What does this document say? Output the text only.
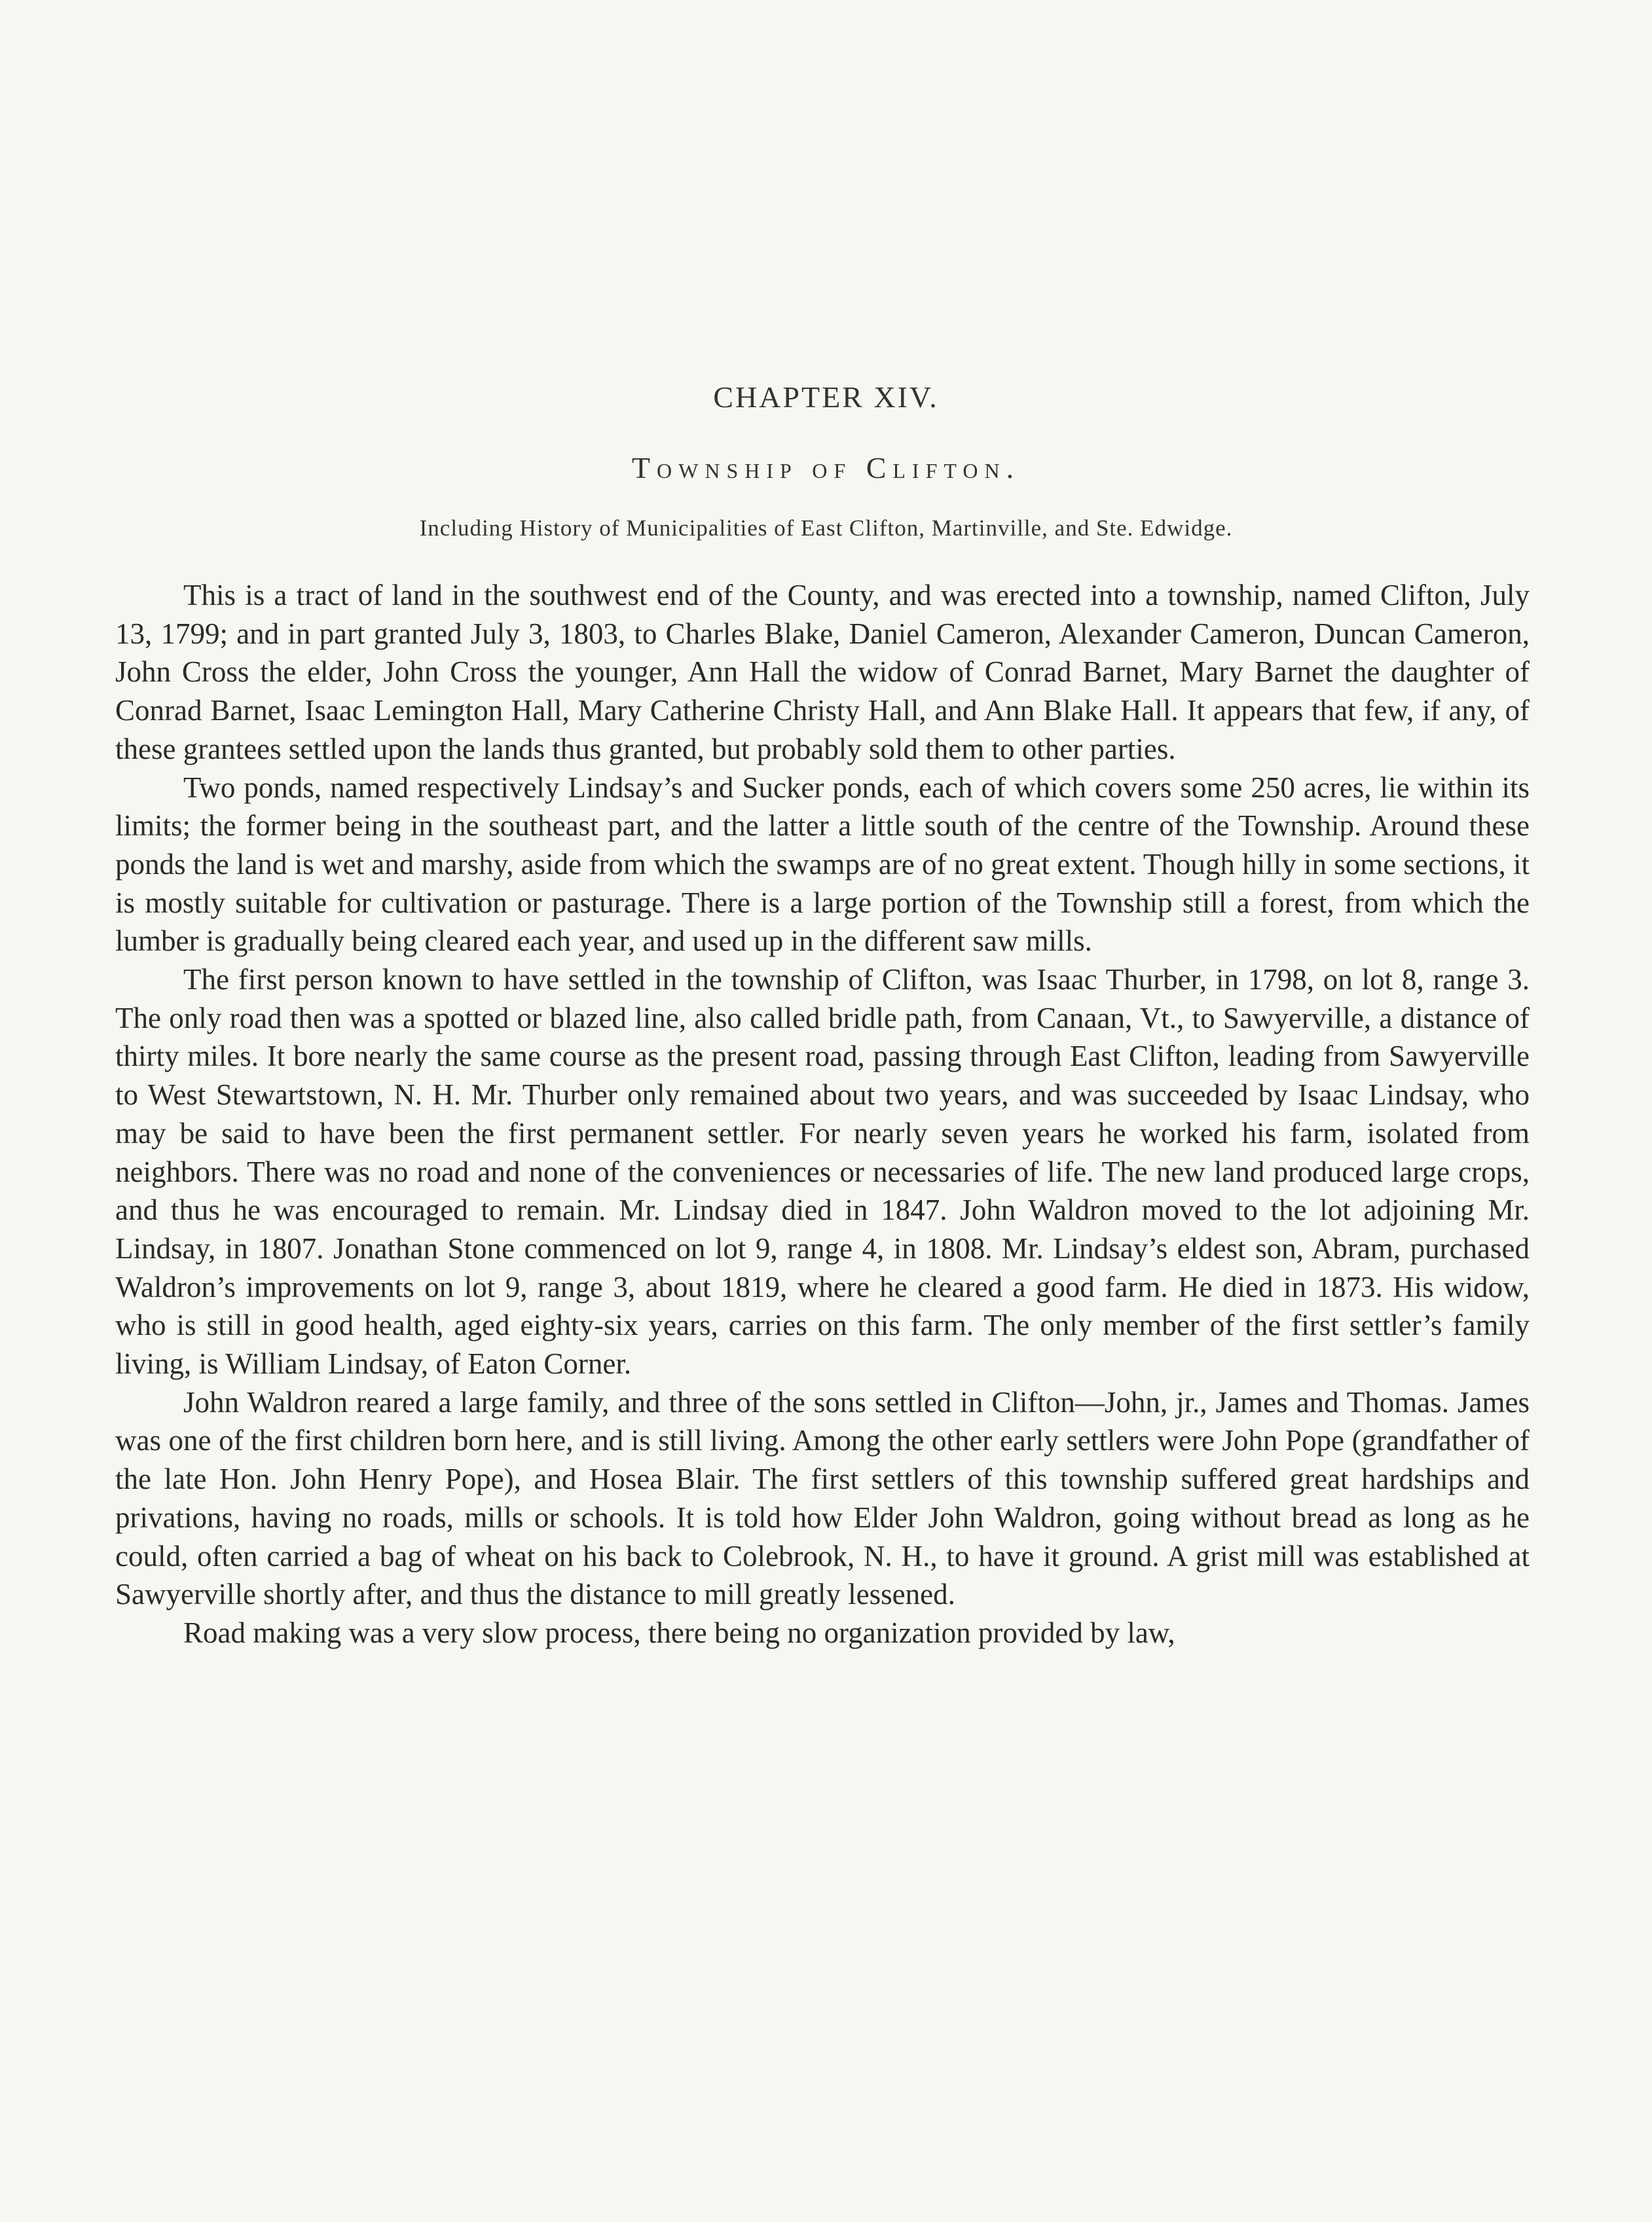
CHAPTER XIV.
Township of Clifton.
Including History of Municipalities of East Clifton, Martinville, and Ste. Edwidge.

This is a tract of land in the southwest end of the County, and was erected into a township, named Clifton, July 13, 1799; and in part granted July 3, 1803, to Charles Blake, Daniel Cameron, Alexander Cameron, Duncan Cameron, John Cross the elder, John Cross the younger, Ann Hall the widow of Conrad Barnet, Mary Barnet the daughter of Conrad Barnet, Isaac Lemington Hall, Mary Catherine Christy Hall, and Ann Blake Hall. It appears that few, if any, of these grantees settled upon the lands thus granted, but probably sold them to other parties.

Two ponds, named respectively Lindsay’s and Sucker ponds, each of which covers some 250 acres, lie within its limits; the former being in the southeast part, and the latter a little south of the centre of the Township. Around these ponds the land is wet and marshy, aside from which the swamps are of no great extent. Though hilly in some sections, it is mostly suitable for cultivation or pasturage. There is a large portion of the Township still a forest, from which the lumber is gradually being cleared each year, and used up in the different saw mills.

The first person known to have settled in the township of Clifton, was Isaac Thurber, in 1798, on lot 8, range 3. The only road then was a spotted or blazed line, also called bridle path, from Canaan, Vt., to Sawyerville, a distance of thirty miles. It bore nearly the same course as the present road, passing through East Clifton, leading from Sawyerville to West Stewartstown, N. H. Mr. Thurber only remained about two years, and was succeeded by Isaac Lindsay, who may be said to have been the first permanent settler. For nearly seven years he worked his farm, isolated from neighbors. There was no road and none of the conveniences or necessaries of life. The new land produced large crops, and thus he was encouraged to remain. Mr. Lindsay died in 1847. John Waldron moved to the lot adjoining Mr. Lindsay, in 1807. Jonathan Stone commenced on lot 9, range 4, in 1808. Mr. Lindsay’s eldest son, Abram, purchased Waldron’s improvements on lot 9, range 3, about 1819, where he cleared a good farm. He died in 1873. His widow, who is still in good health, aged eighty-six years, carries on this farm. The only member of the first settler’s family living, is William Lindsay, of Eaton Corner.

John Waldron reared a large family, and three of the sons settled in Clifton—John, jr., James and Thomas. James was one of the first children born here, and is still living. Among the other early settlers were John Pope (grandfather of the late Hon. John Henry Pope), and Hosea Blair. The first settlers of this township suffered great hardships and privations, having no roads, mills or schools. It is told how Elder John Waldron, going without bread as long as he could, often carried a bag of wheat on his back to Colebrook, N. H., to have it ground. A grist mill was established at Sawyerville shortly after, and thus the distance to mill greatly lessened.

Road making was a very slow process, there being no organization provided by law,
